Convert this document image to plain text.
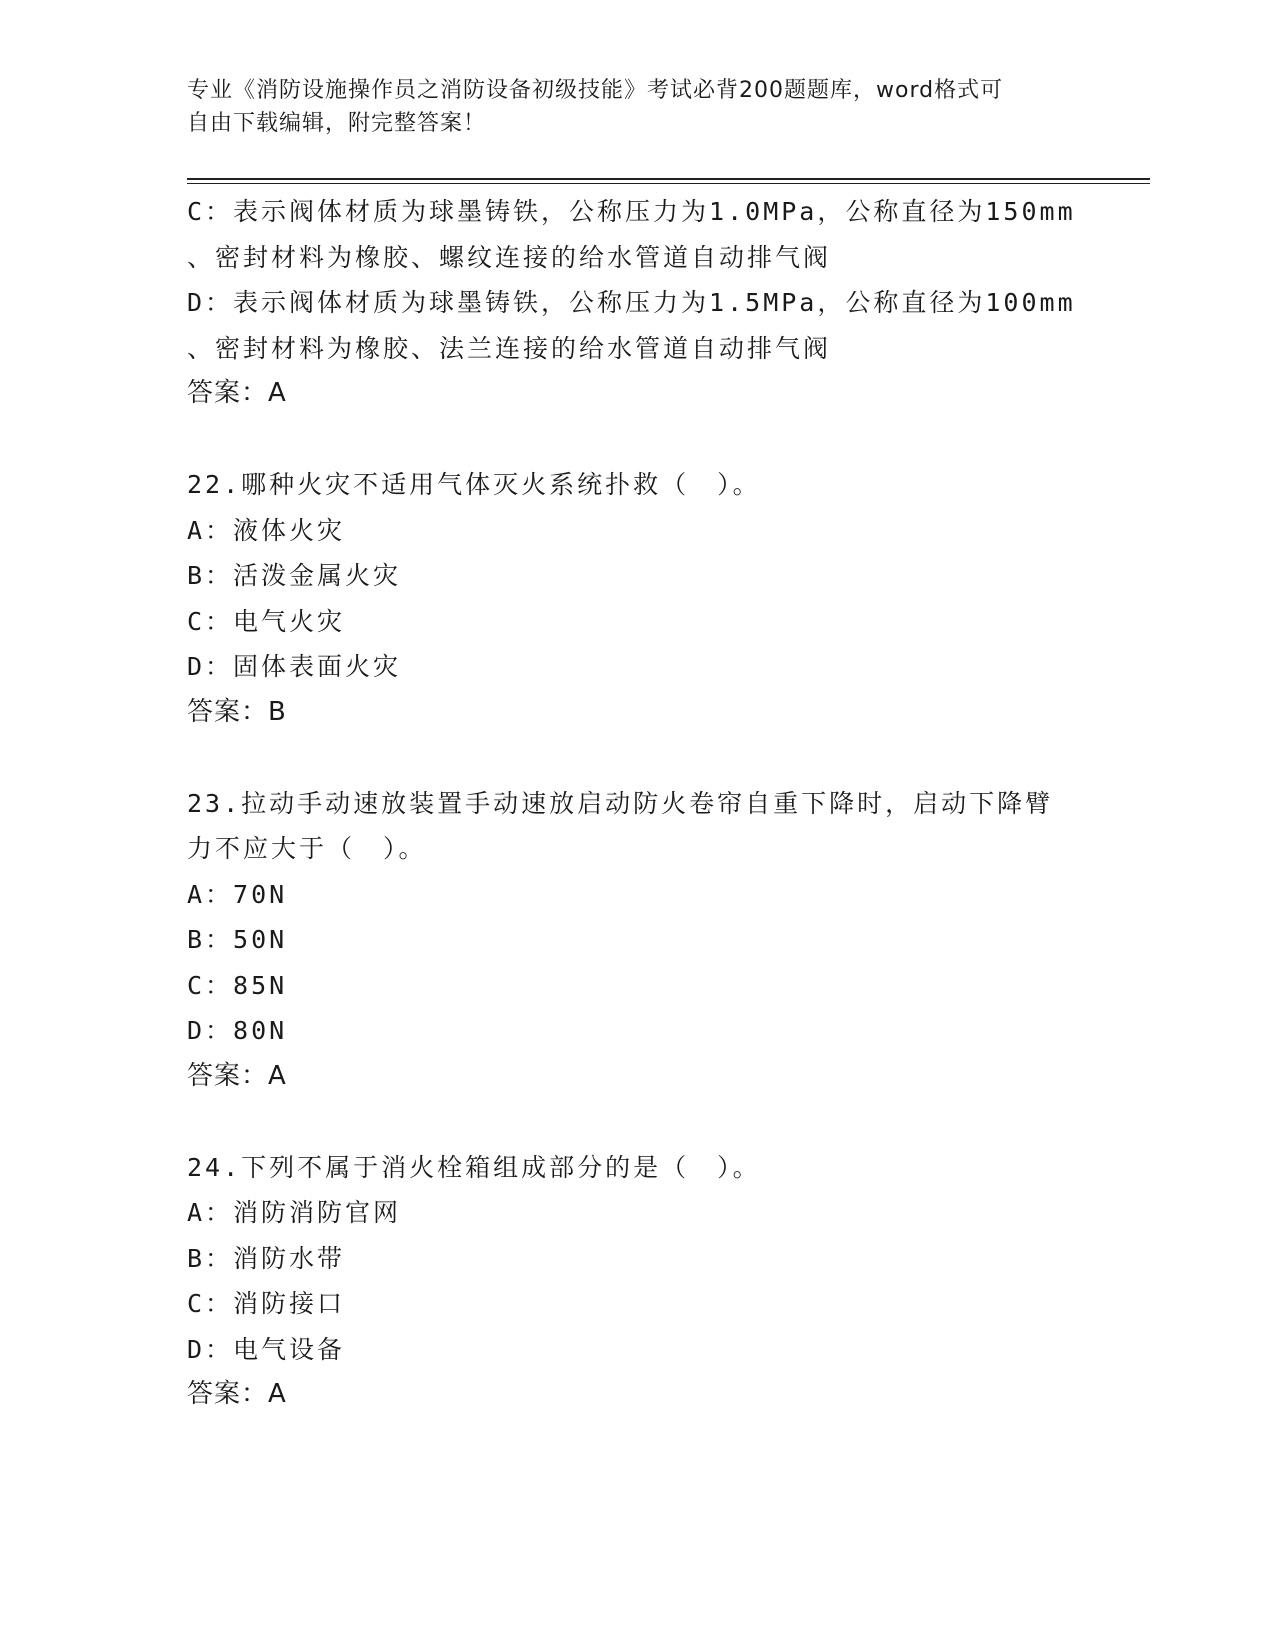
专业《消防设施操作员之消防设备初级技能》考试必背200题题库，word格式可
自由下载编辑，附完整答案！
C：表示阀体材质为球墨铸铁，公称压力为1.0MPa，公称直径为150mm
、密封材料为橡胶、螺纹连接的给水管道自动排气阀
D：表示阀体材质为球墨铸铁，公称压力为1.5MPa，公称直径为100mm
、密封材料为橡胶、法兰连接的给水管道自动排气阀
答案：A
22.哪种火灾不适用气体灭火系统扑救（　）。
A：液体火灾
B：活泼金属火灾
C：电气火灾
D：固体表面火灾
答案：B
23.拉动手动速放装置手动速放启动防火卷帘自重下降时，启动下降臂
力不应大于（　）。
A：70N
B：50N
C：85N
D：80N
答案：A
24.下列不属于消火栓箱组成部分的是（　）。
A：消防消防官网
B：消防水带
C：消防接口
D：电气设备
答案：A
